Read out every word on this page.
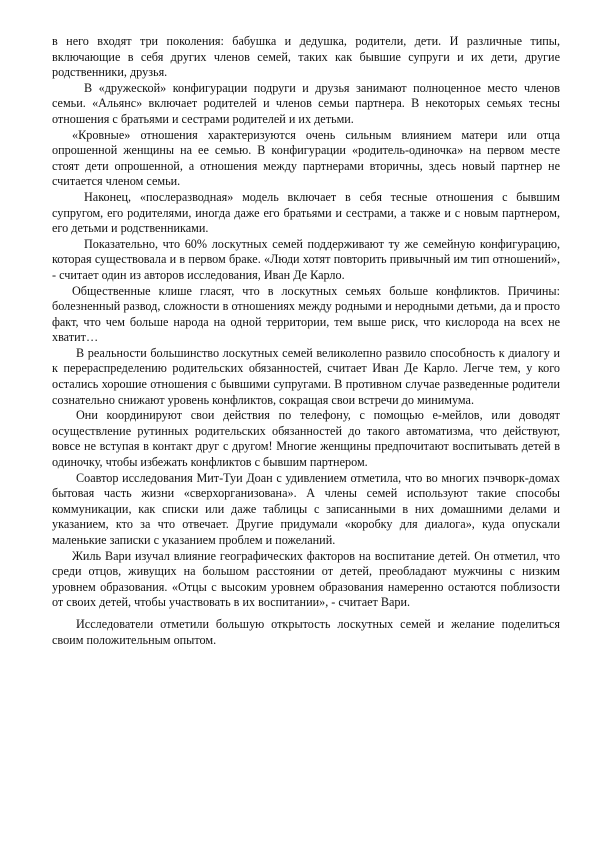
в него входят три поколения: бабушка и дедушка, родители, дети. И различные типы, включающие в себя других членов семей, таких как бывшие супруги и их дети, другие родственники, друзья.

В «дружеской» конфигурации подруги и друзья занимают полноценное место членов семьи. «Альянс» включает родителей и членов семьи партнера. В некоторых семьях тесны отношения с братьями и сестрами родителей и их детьми.

«Кровные» отношения характеризуются очень сильным влиянием матери или отца опрошенной женщины на ее семью. В конфигурации «родитель-одиночка» на первом месте стоят дети опрошенной, а отношения между партнерами вторичны, здесь новый партнер не считается членом семьи.

Наконец, «послеразводная» модель включает в себя тесные отношения с бывшим супругом, его родителями, иногда даже его братьями и сестрами, а также и с новым партнером, его детьми и родственниками.

Показательно, что 60% лоскутных семей поддерживают ту же семейную конфигурацию, которая существовала и в первом браке. «Люди хотят повторить привычный им тип отношений», - считает один из авторов исследования, Иван Де Карло.

Общественные клише гласят, что в лоскутных семьях больше конфликтов. Причины: болезненный развод, сложности в отношениях между родными и неродными детьми, да и просто факт, что чем больше народа на одной территории, тем выше риск, что кислорода на всех не хватит…

В реальности большинство лоскутных семей великолепно развило способность к диалогу и к перераспределению родительских обязанностей, считает Иван Де Карло. Легче тем, у кого остались хорошие отношения с бывшими супругами. В противном случае разведенные родители сознательно снижают уровень конфликтов, сокращая свои встречи до минимума.

Они координируют свои действия по телефону, с помощью е-мейлов, или доводят осуществление рутинных родительских обязанностей до такого автоматизма, что действуют, вовсе не вступая в контакт друг с другом! Многие женщины предпочитают воспитывать детей в одиночку, чтобы избежать конфликтов с бывшим партнером.

Соавтор исследования Мит-Туи Доан с удивлением отметила, что во многих пэчворк-домах бытовая часть жизни «сверхорганизована». А члены семей используют такие способы коммуникации, как списки или даже таблицы с записанными в них домашними делами и указанием, кто за что отвечает. Другие придумали «коробку для диалога», куда опускали маленькие записки с указанием проблем и пожеланий.

Жиль Вари изучал влияние географических факторов на воспитание детей. Он отметил, что среди отцов, живущих на большом расстоянии от детей, преобладают мужчины с низким уровнем образования. «Отцы с высоким уровнем образования намеренно остаются поблизости от своих детей, чтобы участвовать в их воспитании», - считает Вари.

Исследователи отметили большую открытость лоскутных семей и желание поделиться своим положительным опытом.
